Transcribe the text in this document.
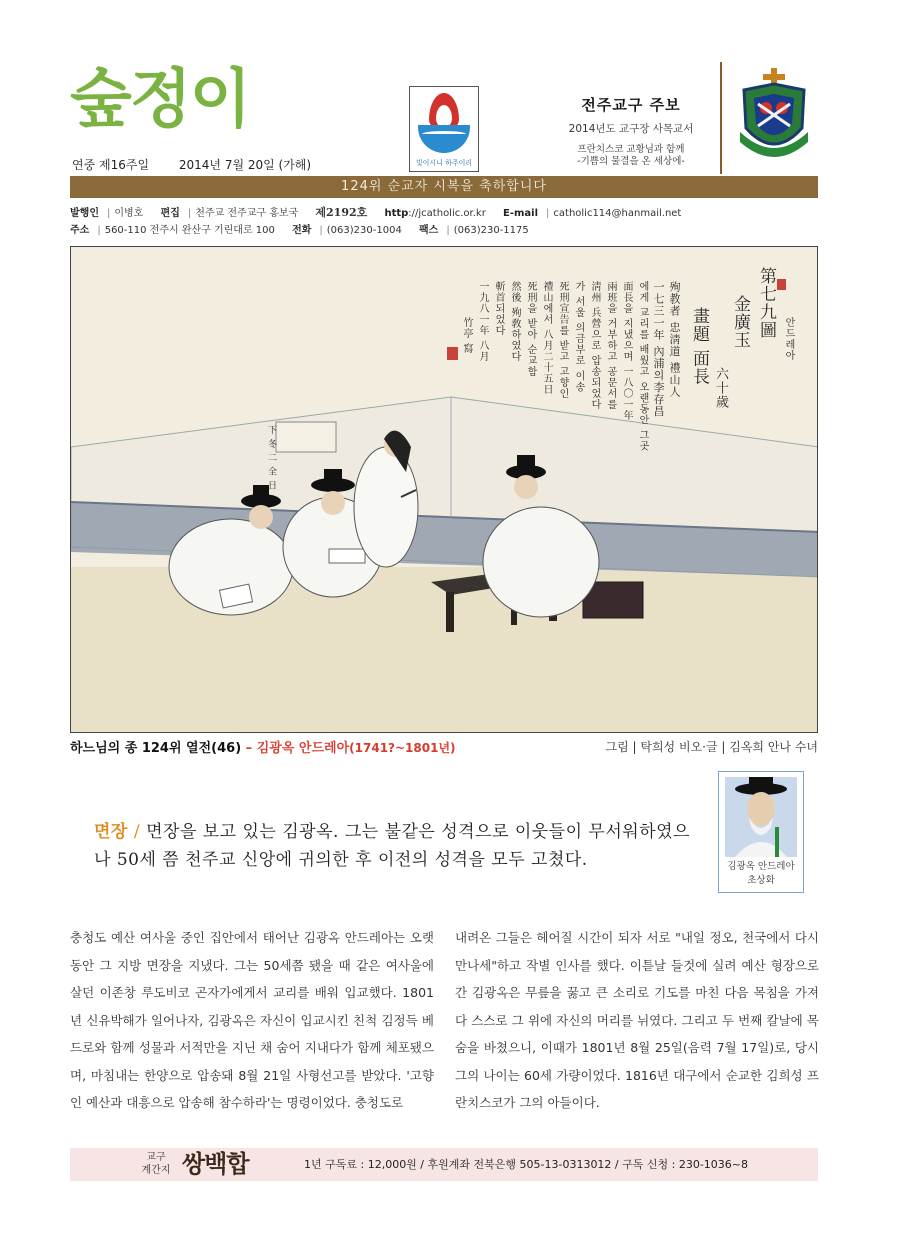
숲정이
연중 제16주일 2014년 7월 20일 (가해)	빛이시니 하주이리
전주교구 주보
2014년도 교구장 사목교서
프란치스코 교황님과 함께
-기쁨의 물결을 온 세상에-
124위 순교자 시복을 축하합니다
발행인 | 이병호 편집 | 천주교 전주교구 홍보국 제2192호 http://jcatholic.or.kr E-mail | catholic114@hanmail.net
주소 | 560-110 전주시 완산구 기린대로 100 전화 | (063)230-1004 팩스 | (063)230-1175
第七九圖
金廣玉	안드레아
六十歲
畫題 面長
殉教者 忠淸道 禮山人
一七三一年 內浦의李存昌
에게 교리를 배웠고 오랜동안 그곳
面長을 지냈으며 一八〇一年
兩班을 거부하고 공문서를
淸州 兵營으로 압송되었다
가 서울 의금부로 이송
死刑宣告를 받고 고향인
禮山에서 八月二十五日
死刑을 받아 순교함
然後 殉敎하였다
斬首되었다
一九八一年 八月
竹亭 寫
下 冬 二 全 日
하느님의 종 124위 열전(46) – 김광옥 안드레아(1741?~1801년)	그림 | 탁희성 비오·글 | 김옥희 안나 수녀
면장 / 면장을 보고 있는 김광옥. 그는 불같은 성격으로 이웃들이 무서워하였으나 50세 쯤 천주교 신앙에 귀의한 후 이전의 성격을 모두 고쳤다.	김광옥 안드레아
초상화
충청도 예산 여사울 중인 집안에서 태어난 김광옥 안드레아는 오랫동안 그 지방 면장을 지냈다. 그는 50세쯤 됐을 때 같은 여사울에 살던 이존창 루도비코 곤자가에게서 교리를 배워 입교했다. 1801년 신유박해가 일어나자, 김광옥은 자신이 입교시킨 친척 김정득 베드로와 함께 성물과 서적만을 지닌 채 숨어 지내다가 함께 체포됐으며, 마침내는 한양으로 압송돼 8월 21일 사형선고를 받았다. '고향인 예산과 대흥으로 압송해 참수하라'는 명령이었다. 충청도로
내려온 그들은 헤어질 시간이 되자 서로 "내일 정오, 천국에서 다시 만나세"하고 작별 인사를 했다. 이튿날 들것에 실려 예산 형장으로 간 김광옥은 무릎을 꿇고 큰 소리로 기도를 마친 다음 목침을 가져다 스스로 그 위에 자신의 머리를 뉘였다. 그리고 두 번째 칼날에 목숨을 바쳤으니, 이때가 1801년 8월 25일(음력 7월 17일)로, 당시 그의 나이는 60세 가량이었다. 1816년 대구에서 순교한 김희성 프란치스코가 그의 아들이다.
교구
계간지 쌍백합	1년 구독료 : 12,000원 / 후원계좌 전북은행 505-13-0313012 / 구독 신청 : 230-1036~8
